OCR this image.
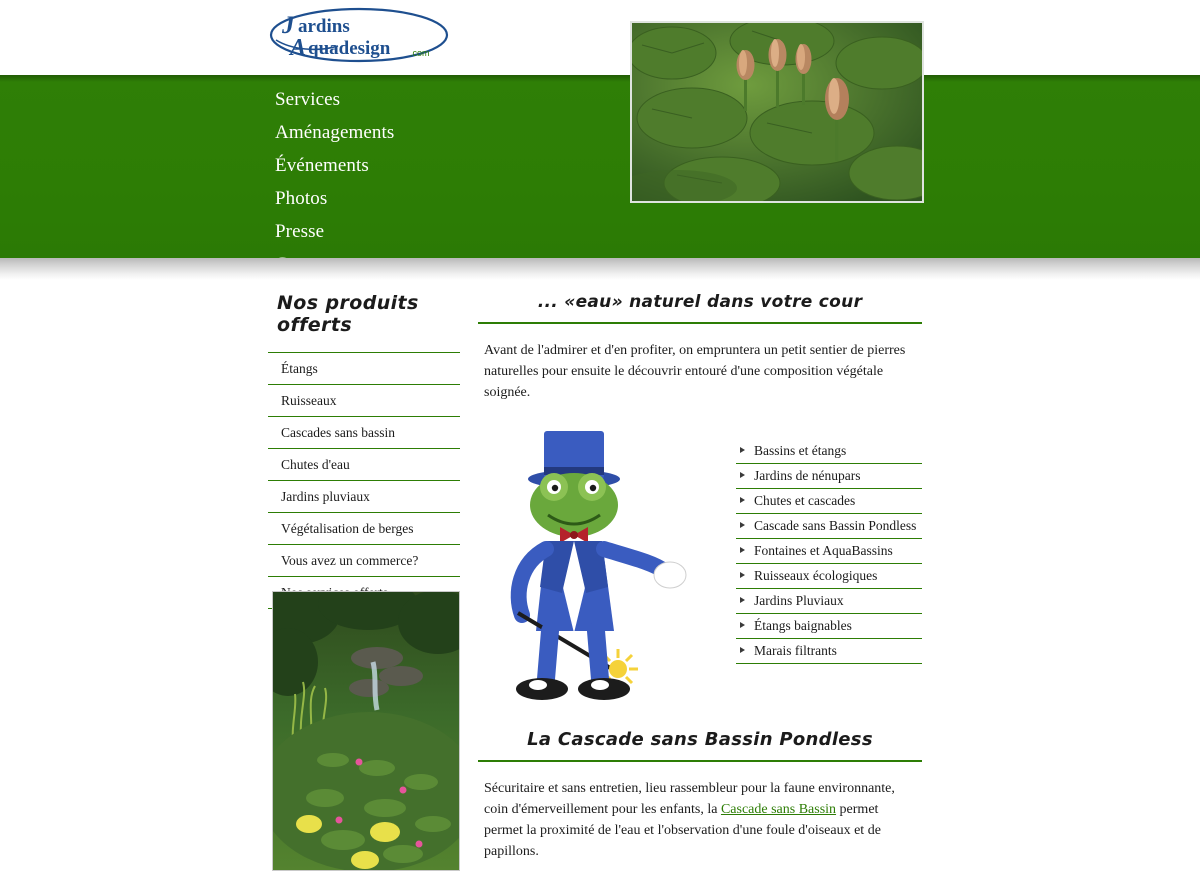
J ardins
A quadesign .com
Services
Aménagements
Événements
Photos
Presse
Nos produits offerts
Étangs
Ruisseaux
Cascades sans bassin
Chutes d'eau
Jardins pluviaux
Végétalisation de berges
Vous avez un commerce?
... «eau» naturel dans votre cour

Avant de l'admirer et d'en profiter, on empruntera un petit sentier de pierres naturelles pour ensuite le découvrir entouré d'une composition végétale soignée.

Bassins et étangs
Jardins de nénupars
Chutes et cascades
Cascade sans Bassin Pondless
Fontaines et AquaBassins
Ruisseaux écologiques
Jardins Pluviaux
Étangs baignables
Marais filtrants
La Cascade sans Bassin Pondless

Sécuritaire et sans entretien, lieu rassembleur pour la faune environnante, coin d'émerveillement pour les enfants, la Cascade sans Bassin permet permet la proximité de l'eau et l'observation d'une foule d'oiseaux et de papillons.
